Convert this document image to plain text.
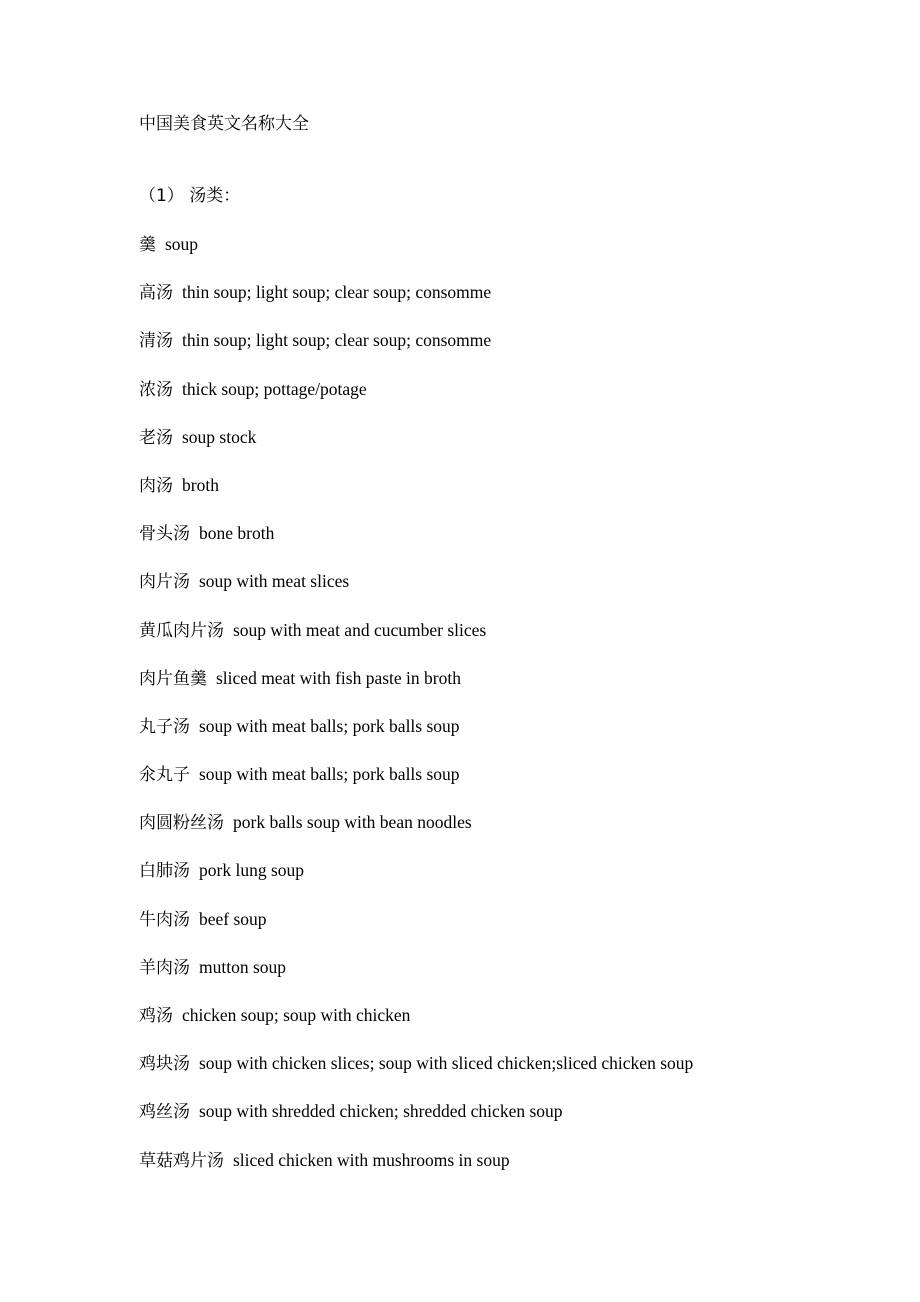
中国美食英文名称大全
（1） 汤类：
羹 soup
高汤 thin soup; light soup; clear soup; consomme
清汤 thin soup; light soup; clear soup; consomme
浓汤 thick soup; pottage/potage
老汤 soup stock
肉汤 broth
骨头汤 bone broth
肉片汤 soup with meat slices
黄瓜肉片汤 soup with meat and cucumber slices
肉片鱼羹 sliced meat with fish paste in broth
丸子汤 soup with meat balls; pork balls soup
氽丸子 soup with meat balls; pork balls soup
肉圆粉丝汤 pork balls soup with bean noodles
白肺汤 pork lung soup
牛肉汤 beef soup
羊肉汤 mutton soup
鸡汤 chicken soup; soup with chicken
鸡块汤 soup with chicken slices; soup with sliced chicken;sliced chicken soup
鸡丝汤 soup with shredded chicken; shredded chicken soup
草菇鸡片汤 sliced chicken with mushrooms in soup
